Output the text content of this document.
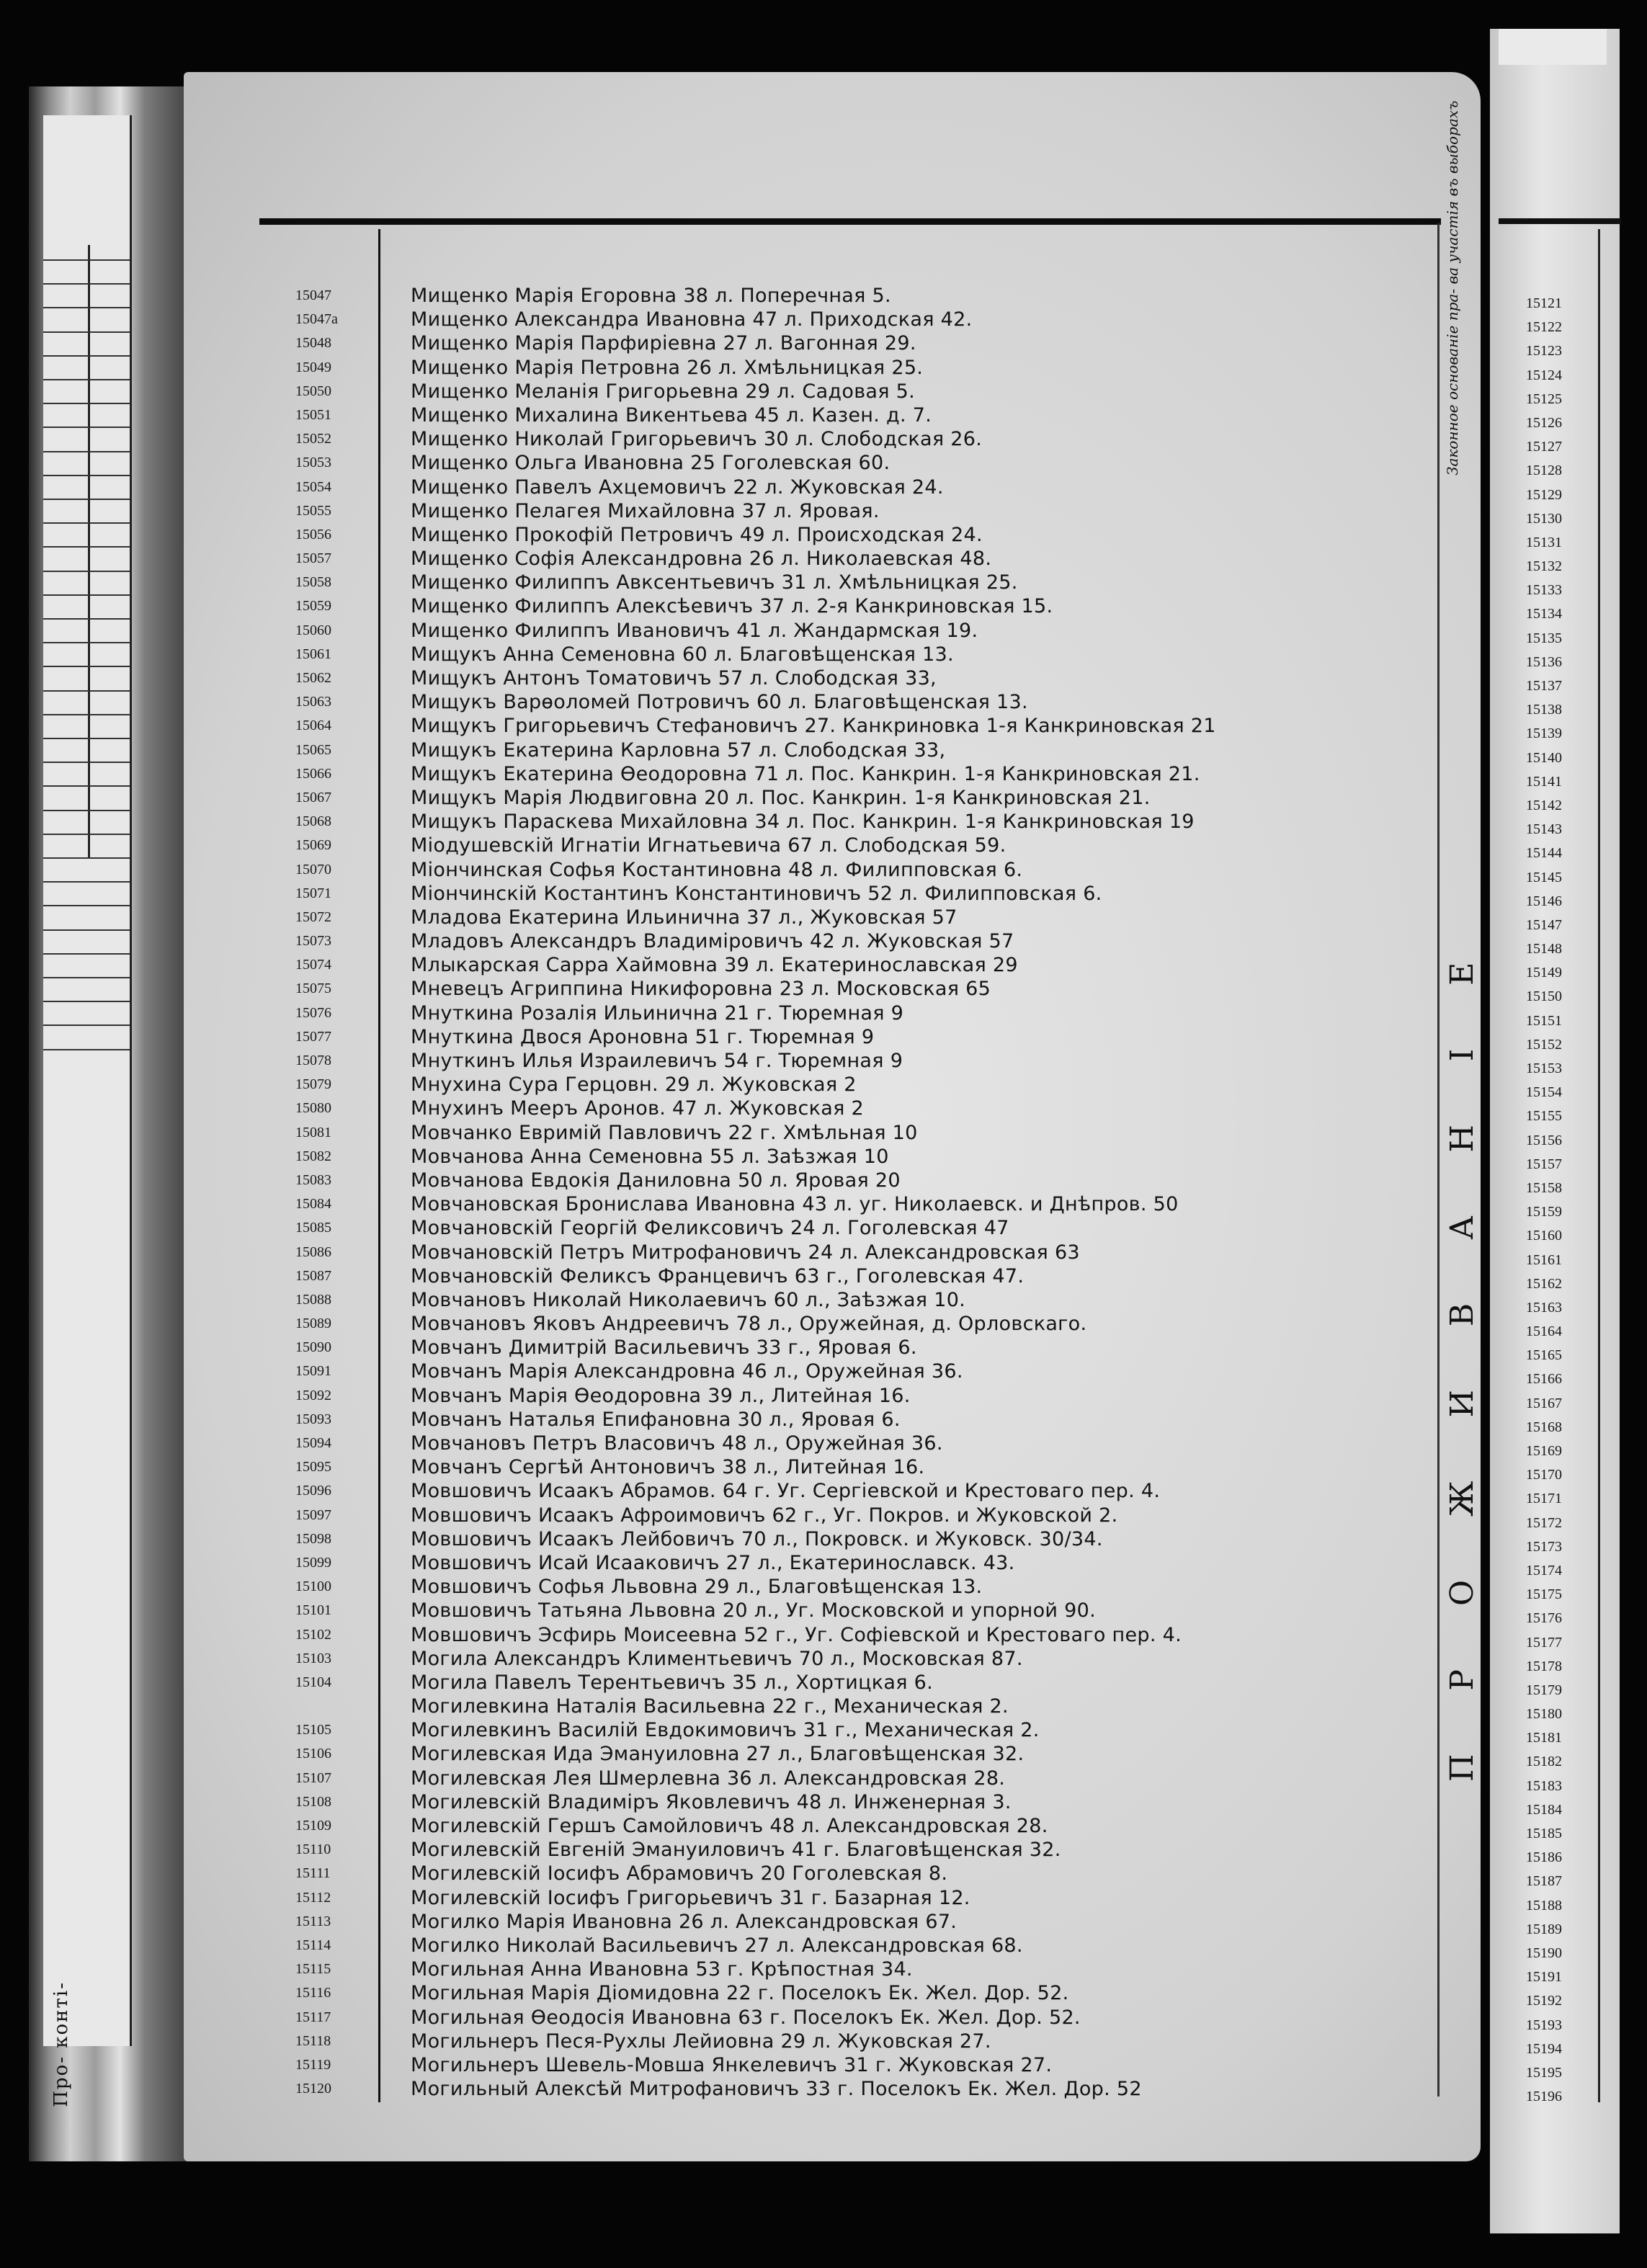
Про- контi-
Законное основанiе пра- ва участiя въ выборахъ
ПРОЖИВАНIЕ
15047	Мищенко Марiя Егоровна 38 л. Поперечная 5.
15047a	Мищенко Александра Ивановна 47 л. Приходская 42.
15048	Мищенко Марiя Парфирiевна 27 л. Вагонная 29.
15049	Мищенко Марiя Петровна 26 л. Хмѣльницкая 25.
15050	Мищенко Меланiя Григорьевна 29 л. Садовая 5.
15051	Мищенко Михалина Викентьева 45 л. Казен. д. 7.
15052	Мищенко Николай Григорьевичъ 30 л. Слободская 26.
15053	Мищенко Ольга Ивановна 25 Гоголевская 60.
15054	Мищенко Павелъ Ахцемовичъ 22 л. Жуковская 24.
15055	Мищенко Пелагея Михайловна 37 л. Яровая.
15056	Мищенко Прокофiй Петровичъ 49 л. Происходская 24.
15057	Мищенко Софiя Александровна 26 л. Николаевская 48.
15058	Мищенко Филиппъ Авксентьевичъ 31 л. Хмѣльницкая 25.
15059	Мищенко Филиппъ Алексѣевичъ 37 л. 2-я Канкриновская 15.
15060	Мищенко Филиппъ Ивановичъ 41 л. Жандармская 19.
15061	Мищукъ Анна Семеновна 60 л. Благовѣщенская 13.
15062	Мищукъ Антонъ Томатовичъ 57 л. Слободская 33,
15063	Мищукъ Варѳоломей Потровичъ 60 л. Благовѣщенская 13.
15064	Мищукъ Григорьевичъ Стефановичъ 27. Канкриновка 1-я Канкриновская 21
15065	Мищукъ Екатерина Карловна 57 л. Слободская 33,
15066	Мищукъ Екатерина Ѳеодоровна 71 л. Пос. Канкрин. 1-я Канкриновская 21.
15067	Мищукъ Марiя Людвиговна 20 л. Пос. Канкрин. 1-я Канкриновская 21.
15068	Мищукъ Параскева Михайловна 34 л. Пос. Канкрин. 1-я Канкриновская 19
15069	Мiодушевскiй Игнатiи Игнатьевича 67 л. Слободская 59.
15070	Мiончинская Софья Костантиновна 48 л. Филипповская 6.
15071	Мiончинскiй Костантинъ Константиновичъ 52 л. Филипповская 6.
15072	Младова Екатерина Ильинична 37 л., Жуковская 57
15073	Младовъ Александръ Владимiровичъ 42 л. Жуковская 57
15074	Млыкарская Сарра Хаймовна 39 л. Екатеринославская 29
15075	Мневецъ Агриппина Никифоровна 23 л. Московская 65
15076	Мнуткина Розалiя Ильинична 21 г. Тюремная 9
15077	Мнуткина Двося Ароновна 51 г. Тюремная 9
15078	Мнуткинъ Илья Израилевичъ 54 г. Тюремная 9
15079	Мнухина Сура Герцовн. 29 л. Жуковская 2
15080	Мнухинъ Мееръ Аронов. 47 л. Жуковская 2
15081	Мовчанко Евримiй Павловичъ 22 г. Хмѣльная 10
15082	Мовчанова Анна Семеновна 55 л. Заѣзжая 10
15083	Мовчанова Евдокiя Даниловна 50 л. Яровая 20
15084	Мовчановская Бронислава Ивановна 43 л. уг. Николаевск. и Днѣпров. 50
15085	Мовчановскiй Георгiй Феликсовичъ 24 л. Гоголевская 47
15086	Мовчановскiй Петръ Митрофановичъ 24 л. Александровская 63
15087	Мовчановскiй Феликсъ Францевичъ 63 г., Гоголевская 47.
15088	Мовчановъ Николай Николаевичъ 60 л., Заѣзжая 10.
15089	Мовчановъ Яковъ Андреевичъ 78 л., Оружейная, д. Орловскаго.
15090	Мовчанъ Димитрiй Васильевичъ 33 г., Яровая 6.
15091	Мовчанъ Марiя Александровна 46 л., Оружейная 36.
15092	Мовчанъ Марiя Ѳеодоровна 39 л., Литейная 16.
15093	Мовчанъ Наталья Епифановна 30 л., Яровая 6.
15094	Мовчановъ Петръ Власовичъ 48 л., Оружейная 36.
15095	Мовчанъ Сергѣй Антоновичъ 38 л., Литейная 16.
15096	Мовшовичъ Исаакъ Абрамов. 64 г. Уг. Сергiевской и Крестоваго пер. 4.
15097	Мовшовичъ Исаакъ Афроимовичъ 62 г., Уг. Покров. и Жуковской 2.
15098	Мовшовичъ Исаакъ Лейбовичъ 70 л., Покровск. и Жуковск. 30/34.
15099	Мовшовичъ Исай Исааковичъ 27 л., Екатеринославск. 43.
15100	Мовшовичъ Софья Львовна 29 л., Благовѣщенская 13.
15101	Мовшовичъ Татьяна Львовна 20 л., Уг. Московской и упорной 90.
15102	Мовшовичъ Эсфирь Моисеевна 52 г., Уг. Софiевской и Крестоваго пер. 4.
15103	Могила Александръ Климентьевичъ 70 л., Московская 87.
15104	Могила Павелъ Терентьевичъ 35 л., Хортицкая 6.
Могилевкина Наталiя Васильевна 22 г., Механическая 2.
15105	Могилевкинъ Василiй Евдокимовичъ 31 г., Механическая 2.
15106	Могилевская Ида Эмануиловна 27 л., Благовѣщенская 32.
15107	Могилевская Лея Шмерлевна 36 л. Александровская 28.
15108	Могилевскiй Владимiръ Яковлевичъ 48 л. Инженерная 3.
15109	Могилевскiй Гершъ Самойловичъ 48 л. Александровская 28.
15110	Могилевскiй Евгенiй Эмануиловичъ 41 г. Благовѣщенская 32.
15111	Могилевскiй Iосифъ Абрамовичъ 20 Гоголевская 8.
15112	Могилевскiй Iосифъ Григорьевичъ 31 г. Базарная 12.
15113	Могилко Марiя Ивановна 26 л. Александровская 67.
15114	Могилко Николай Васильевичъ 27 л. Александровская 68.
15115	Могильная Анна Ивановна 53 г. Крѣпостная 34.
15116	Могильная Марiя Дiомидовна 22 г. Поселокъ Ек. Жел. Дор. 52.
15117	Могильная Ѳеодосiя Ивановна 63 г. Поселокъ Ек. Жел. Дор. 52.
15118	Могильнеръ Песя-Рухлы Лейиовна 29 л. Жуковская 27.
15119	Могильнеръ Шевель-Мовша Янкелевичъ 31 г. Жуковская 27.
15120	Могильный Алексѣй Митрофановичъ 33 г. Поселокъ Ек. Жел. Дор. 52
15121
15122
15123
15124
15125
15126
15127
15128
15129
15130
15131
15132
15133
15134
15135
15136
15137
15138
15139
15140
15141
15142
15143
15144
15145
15146
15147
15148
15149
15150
15151
15152
15153
15154
15155
15156
15157
15158
15159
15160
15161
15162
15163
15164
15165
15166
15167
15168
15169
15170
15171
15172
15173
15174
15175
15176
15177
15178
15179
15180
15181
15182
15183
15184
15185
15186
15187
15188
15189
15190
15191
15192
15193
15194
15195
15196
